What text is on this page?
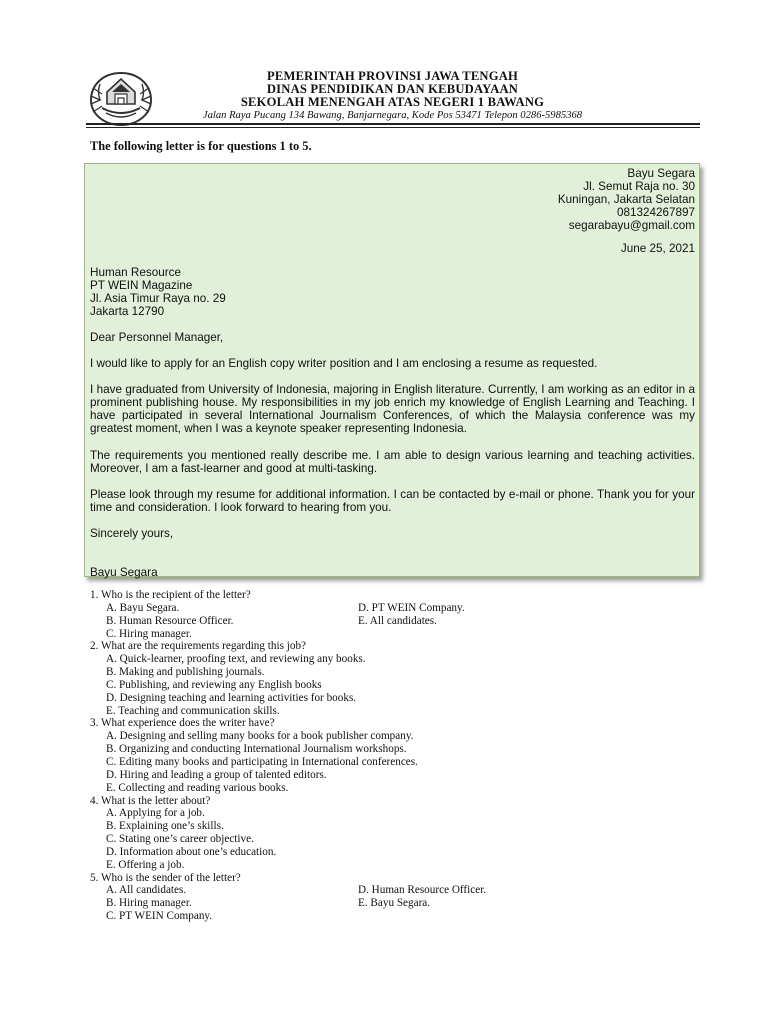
PEMERINTAH PROVINSI JAWA TENGAH
DINAS PENDIDIKAN DAN KEBUDAYAAN
SEKOLAH MENENGAH ATAS NEGERI 1 BAWANG
Jalan Raya Pucang 134 Bawang, Banjarnegara, Kode Pos 53471 Telepon 0286-5985368
The following letter is for questions 1 to 5.
Bayu Segara
Jl. Semut Raja no. 30
Kuningan, Jakarta Selatan
081324267897
segarabayu@gmail.com
June 25, 2021
Human Resource
PT WEIN Magazine
Jl. Asia Timur Raya no. 29
Jakarta 12790
Dear Personnel Manager,
I would like to apply for an English copy writer position and I am enclosing a resume as requested.
I have graduated from University of Indonesia, majoring in English literature. Currently, I am working as an editor in a prominent publishing house. My responsibilities in my job enrich my knowledge of English Learning and Teaching. I have participated in several International Journalism Conferences, of which the Malaysia conference was my greatest moment, when I was a keynote speaker representing Indonesia.
The requirements you mentioned really describe me. I am able to design various learning and teaching activities. Moreover, I am a fast-learner and good at multi-tasking.
Please look through my resume for additional information. I can be contacted by e-mail or phone. Thank you for your time and consideration. I look forward to hearing from you.
Sincerely yours,
Bayu Segara
1. Who is the recipient of the letter?
A. Bayu Segara.	D. PT WEIN Company.
B. Human Resource Officer.	E. All candidates.
C. Hiring manager.
2. What are the requirements regarding this job?
A. Quick-learner, proofing text, and reviewing any books.
B. Making and publishing journals.
C. Publishing, and reviewing any English books
D. Designing teaching and learning activities for books.
E. Teaching and communication skills.
3. What experience does the writer have?
A. Designing and selling many books for a book publisher company.
B. Organizing and conducting International Journalism workshops.
C. Editing many books and participating in International conferences.
D. Hiring and leading a group of talented editors.
E. Collecting and reading various books.
4. What is the letter about?
A. Applying for a job.
B. Explaining one’s skills.
C. Stating one’s career objective.
D. Information about one’s education.
E. Offering a job.
5. Who is the sender of the letter?
A. All candidates.	D. Human Resource Officer.
B. Hiring manager.	E. Bayu Segara.
C. PT WEIN Company.
